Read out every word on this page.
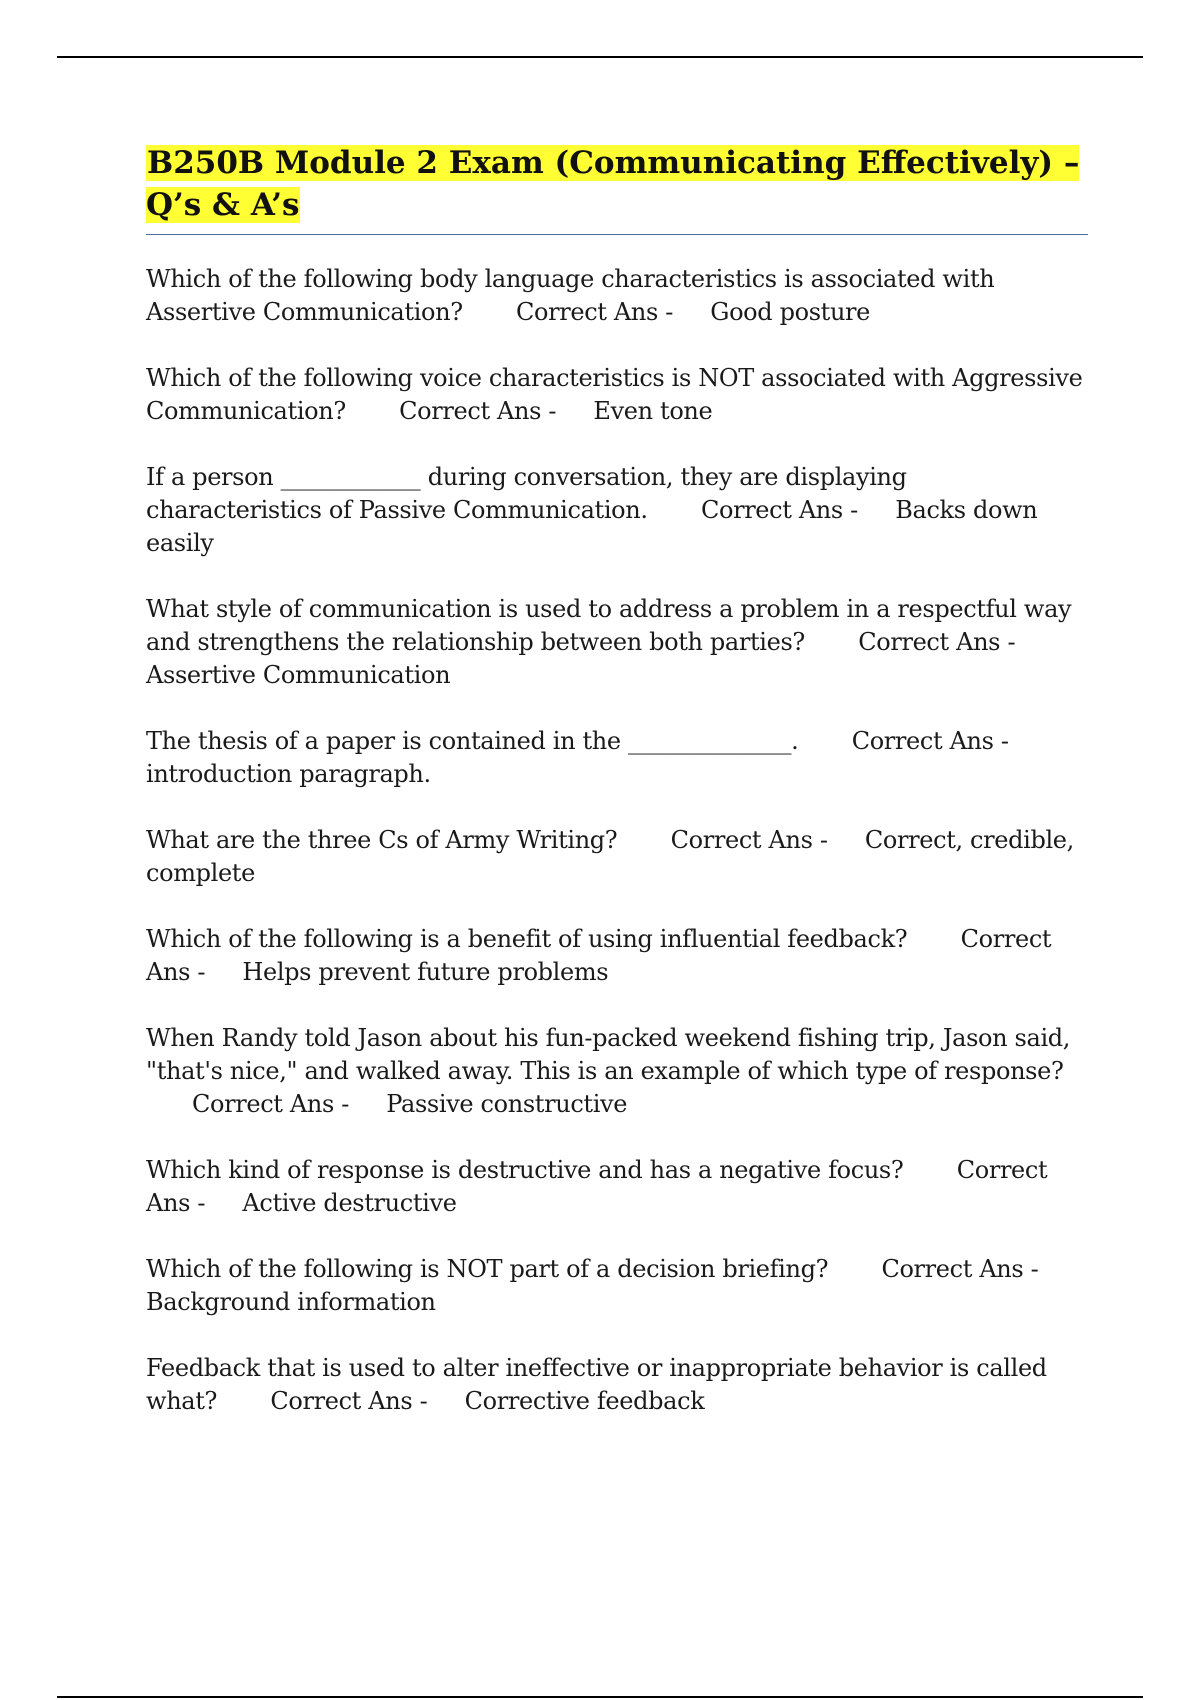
B250B Module 2 Exam (Communicating Effectively) – Q’s & A’s

Which of the following body language characteristics is associated with Assertive Communication? Correct Ans - Good posture

Which of the following voice characteristics is NOT associated with Aggressive Communication? Correct Ans - Even tone

If a person ____________ during conversation, they are displaying characteristics of Passive Communication. Correct Ans - Backs down easily

What style of communication is used to address a problem in a respectful way and strengthens the relationship between both parties? Correct Ans - Assertive Communication

The thesis of a paper is contained in the ______________. Correct Ans - introduction paragraph.

What are the three Cs of Army Writing? Correct Ans - Correct, credible, complete

Which of the following is a benefit of using influential feedback? Correct Ans - Helps prevent future problems

When Randy told Jason about his fun-packed weekend fishing trip, Jason said, "that's nice," and walked away. This is an example of which type of response? Correct Ans - Passive constructive

Which kind of response is destructive and has a negative focus? Correct Ans - Active destructive

Which of the following is NOT part of a decision briefing? Correct Ans - Background information

Feedback that is used to alter ineffective or inappropriate behavior is called what? Correct Ans - Corrective feedback
